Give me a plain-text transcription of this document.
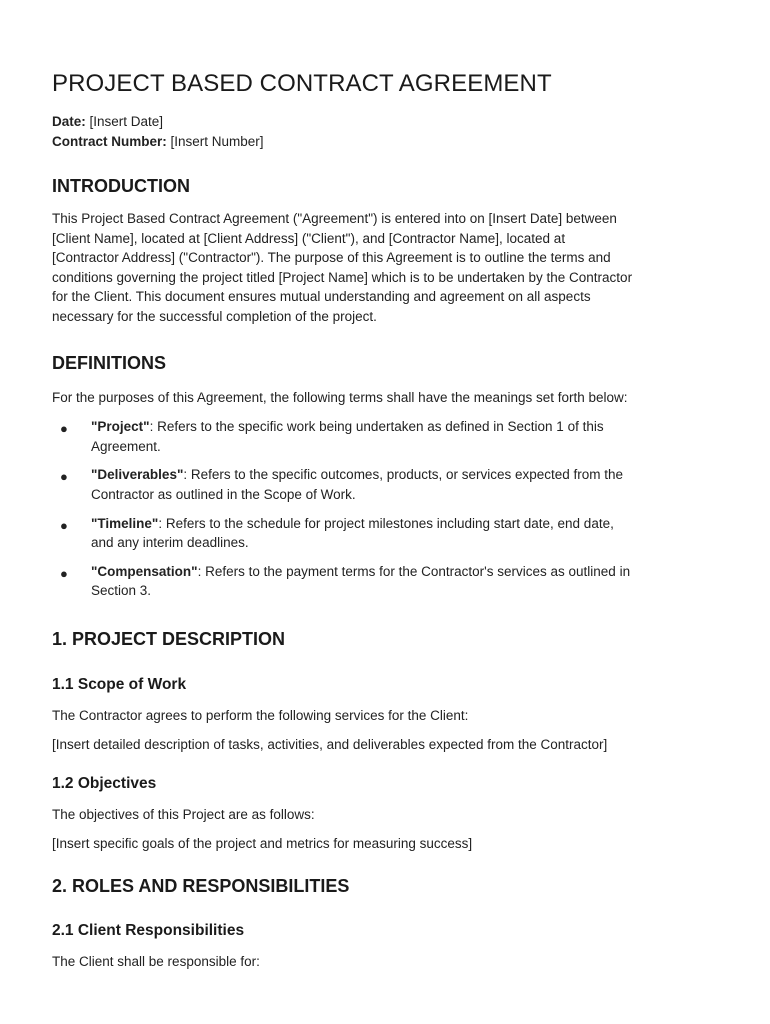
PROJECT BASED CONTRACT AGREEMENT

Date: [Insert Date]

Contract Number: [Insert Number]

INTRODUCTION

This Project Based Contract Agreement ("Agreement") is entered into on [Insert Date] between
[Client Name], located at [Client Address] ("Client"), and [Contractor Name], located at
[Contractor Address] ("Contractor"). The purpose of this Agreement is to outline the terms and
conditions governing the project titled [Project Name] which is to be undertaken by the Contractor
for the Client. This document ensures mutual understanding and agreement on all aspects
necessary for the successful completion of the project.

DEFINITIONS

For the purposes of this Agreement, the following terms shall have the meanings set forth below:

● "Project": Refers to the specific work being undertaken as defined in Section 1 of this
Agreement.
● "Deliverables": Refers to the specific outcomes, products, or services expected from the
Contractor as outlined in the Scope of Work.
● "Timeline": Refers to the schedule for project milestones including start date, end date,
and any interim deadlines.
● "Compensation": Refers to the payment terms for the Contractor's services as outlined in
Section 3.
1. PROJECT DESCRIPTION
1.1 Scope of Work

The Contractor agrees to perform the following services for the Client:

[Insert detailed description of tasks, activities, and deliverables expected from the Contractor]

1.2 Objectives

The objectives of this Project are as follows:

[Insert specific goals of the project and metrics for measuring success]

2. ROLES AND RESPONSIBILITIES
2.1 Client Responsibilities

The Client shall be responsible for:
